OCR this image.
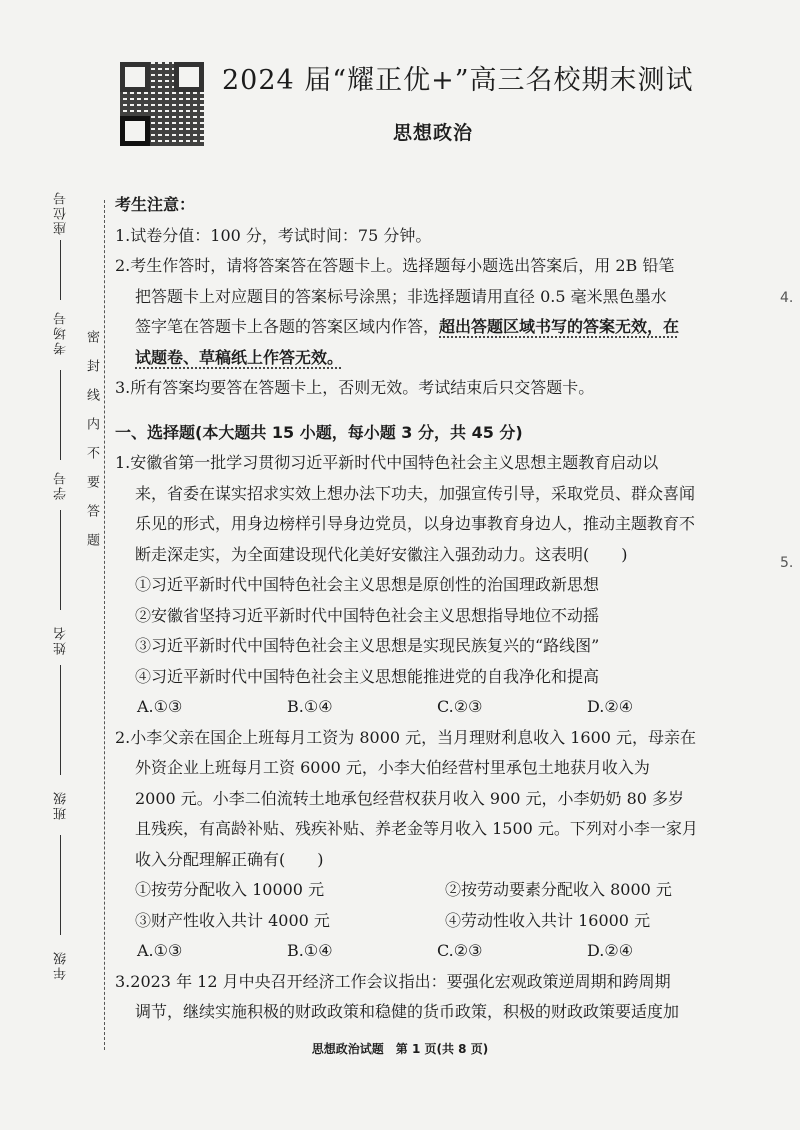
2024 届“耀正优+”高三名校期末测试
思想政治
座位号
考场号
学号
姓名
班级
年级
密封线内不要答题
4.
5.

考生注意：

1.试卷分值：100 分，考试时间：75 分钟。

2.考生作答时，请将答案答在答题卡上。选择题每小题选出答案后，用 2B 铅笔

把答题卡上对应题目的答案标号涂黑；非选择题请用直径 0.5 毫米黑色墨水

签字笔在答题卡上各题的答案区域内作答，超出答题区域书写的答案无效，在

试题卷、草稿纸上作答无效。

3.所有答案均要答在答题卡上，否则无效。考试结束后只交答题卡。

一、选择题(本大题共 15 小题，每小题 3 分，共 45 分)

1.安徽省第一批学习贯彻习近平新时代中国特色社会主义思想主题教育启动以

来，省委在谋实招求实效上想办法下功夫，加强宣传引导，采取党员、群众喜闻

乐见的形式，用身边榜样引导身边党员，以身边事教育身边人，推动主题教育不

断走深走实，为全面建设现代化美好安徽注入强劲动力。这表明(　　)

①习近平新时代中国特色社会主义思想是原创性的治国理政新思想

②安徽省坚持习近平新时代中国特色社会主义思想指导地位不动摇

③习近平新时代中国特色社会主义思想是实现民族复兴的“路线图”

④习近平新时代中国特色社会主义思想能推进党的自我净化和提高

A.①③	B.①④	C.②③	D.②④

2.小李父亲在国企上班每月工资为 8000 元，当月理财利息收入 1600 元，母亲在

外资企业上班每月工资 6000 元，小李大伯经营村里承包土地获月收入为

2000 元。小李二伯流转土地承包经营权获月收入 900 元，小李奶奶 80 多岁

且残疾，有高龄补贴、残疾补贴、养老金等月收入 1500 元。下列对小李一家月

收入分配理解正确有(　　)

①按劳分配收入 10000 元	②按劳动要素分配收入 8000 元

③财产性收入共计 4000 元	④劳动性收入共计 16000 元

A.①③	B.①④	C.②③	D.②④

3.2023 年 12 月中央召开经济工作会议指出：要强化宏观政策逆周期和跨周期

调节，继续实施积极的财政政策和稳健的货币政策，积极的财政政策要适度加

思想政治试题　第 1 页(共 8 页)
